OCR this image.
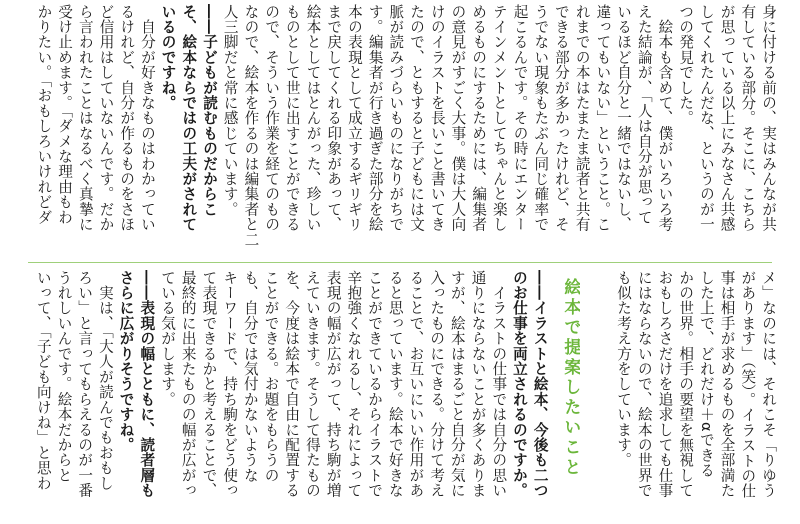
身に付ける前の、実はみんなが共
有している部分。そこに、こちら
が思っている以上にみなさん共感
してくれたんだな、というのが一
つの発見でした。
　絵本も含めて、僕がいろいろ考
えた結論が、「人は自分が思って
いるほど自分と一緒ではないし、
違ってもいない」ということ。こ
れまでの本はたまたま読者と共有
できる部分が多かったけれど、そ
うでない現象もたぶん同じ確率で
起こるんです。その時にエンター
テインメントとしてちゃんと楽し
めるものにするためには、編集者
の意見がすごく大事。僕は大人向
けのイラストを長いこと書いてき
たので、ともすると子どもには文
脈が読みづらいものになりがちで
す。編集者が行き過ぎた部分を絵
本の表現として成立するギリギリ
まで戻してくれる印象があって、
絵本としてはとんがった、珍しい
ものとして世に出すことができる
ので、そういう作業を経てのもの
なので、絵本を作るのは編集者と二
人三脚だと常に感じています。
――子どもが読むものだからこ
そ、絵本ならではの工夫がされて
いるのですね。
　自分が好きなものはわかってい
るけれど、自分が作るものをさほ
ど信用はしていないんです。だか
ら言われたことはなるべく真摯に
受け止めます。「ダメな理由もわ
かりたい。「おもしろいけれどダ
メ」なのには、それこそ「りゆう
があります」（笑）。イラストの仕
事は相手が求めるものを全部満た
した上で、どれだけ＋αできる
かの世界。相手の要望を無視して
おもしろさだけを追求しても仕事
にはならないので、絵本の世界で
も似た考え方をしています。
絵本で提案したいこと
――イラストと絵本、今後も二つ
のお仕事を両立されるのですか。
　イラストの仕事では自分の思い
通りにならないことが多くありま
すが、絵本はまるごと自分が気に
入ったものにできる。分けて考え
ることで、お互いにいい作用があ
ると思っています。絵本で好きな
ことができているからイラストで
辛抱強くなれるし、それによって
表現の幅が広がって、持ち駒が増
えていきます。そうして得たもの
を、今度は絵本で自由に配置する
ことができる。お題をもらうの
も、自分では気付かないような
キーワードで、持ち駒をどう使っ
て表現できるかと考えることで、
最終的に出来たものの幅が広がっ
ている気がします。
――表現の幅とともに、読者層も
さらに広がりそうですね。
　実は、「大人が読んでもおもし
ろい」と言ってもらえるのが一番
うれしいんです。絵本だからと
いって、「子ども向けね」と思わ
